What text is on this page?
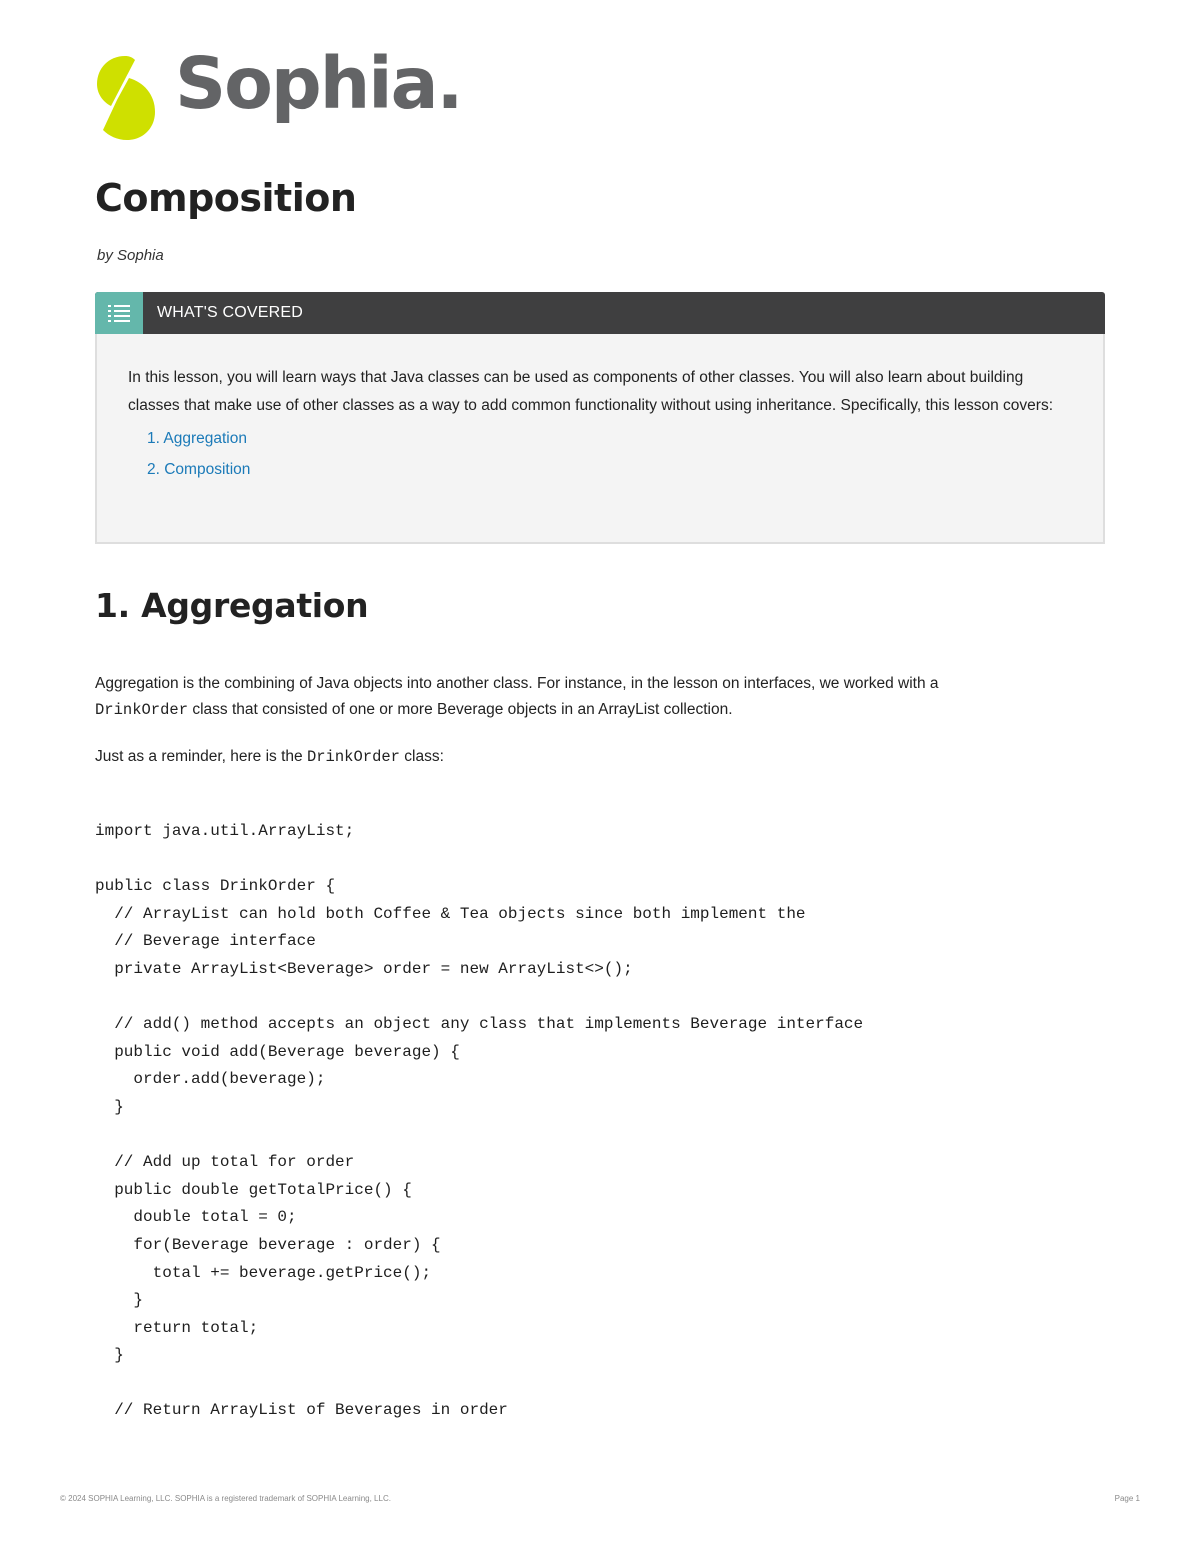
Sophia.
Composition
by Sophia
WHAT'S COVERED

In this lesson, you will learn ways that Java classes can be used as components of other classes. You will also learn about building classes that make use of other classes as a way to add common functionality without using inheritance. Specifically, this lesson covers:

1. Aggregation
2. Composition
1. Aggregation

Aggregation is the combining of Java objects into another class. For instance, in the lesson on interfaces, we worked with a
DrinkOrder class that consisted of one or more Beverage objects in an ArrayList collection.

Just as a reminder, here is the DrinkOrder class:

import java.util.ArrayList;

public class DrinkOrder {
// ArrayList can hold both Coffee & Tea objects since both implement the
// Beverage interface
private ArrayList<Beverage> order = new ArrayList<>();

// add() method accepts an object any class that implements Beverage interface
public void add(Beverage beverage) {
order.add(beverage);
}

// Add up total for order
public double getTotalPrice() {
double total = 0;
for(Beverage beverage : order) {
total += beverage.getPrice();
}
return total;
}

// Return ArrayList of Beverages in order
© 2024 SOPHIA Learning, LLC. SOPHIA is a registered trademark of SOPHIA Learning, LLC.	Page 1
